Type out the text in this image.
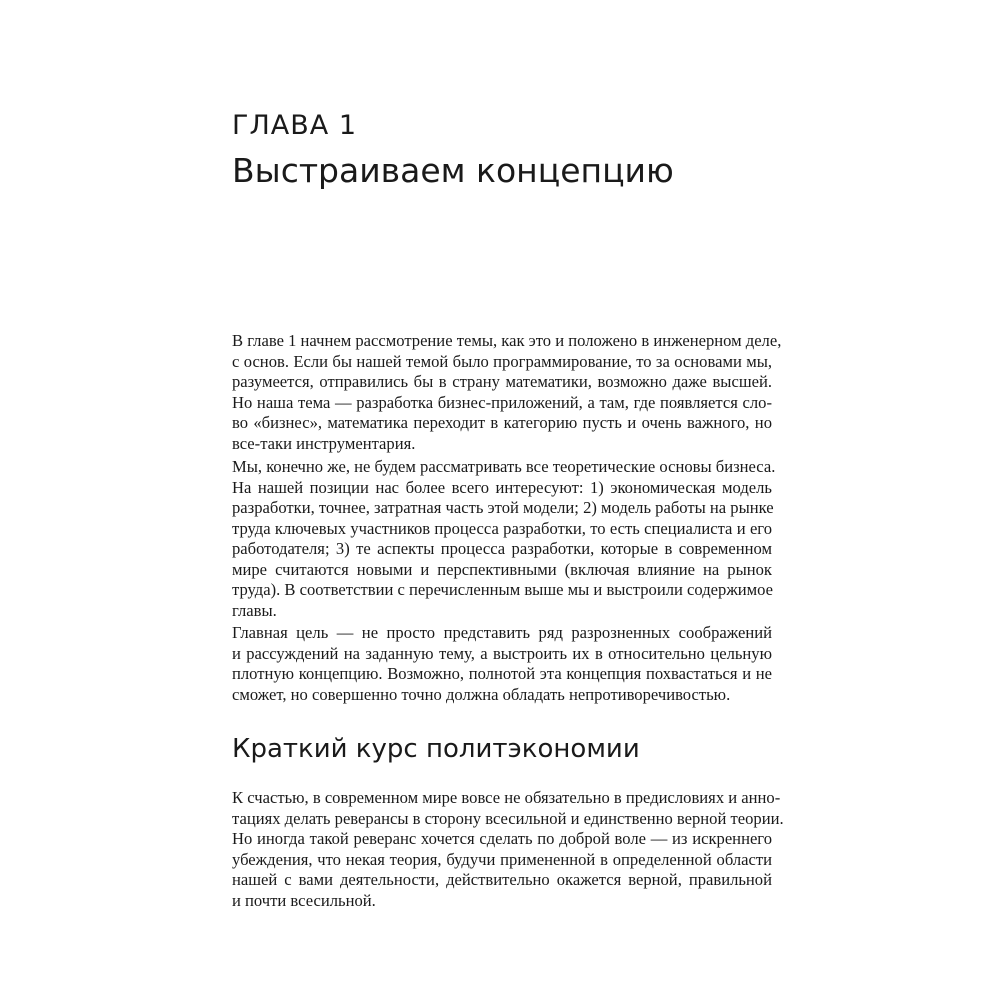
ГЛАВА 1
Выстраиваем концепцию

В главе 1 начнем рассмотрение темы, как это и положено в инженерном деле,
с основ. Если бы нашей темой было программирование, то за основами мы,
разумеется, отправились бы в страну математики, возможно даже высшей.
Но наша тема — разработка бизнес-приложений, а там, где появляется сло-
во «бизнес», математика переходит в категорию пусть и очень важного, но
все-таки инструментария.

Мы, конечно же, не будем рассматривать все теоретические основы бизнеса.
На нашей позиции нас более всего интересуют: 1) экономическая модель
разработки, точнее, затратная часть этой модели; 2) модель работы на рынке
труда ключевых участников процесса разработки, то есть специалиста и его
работодателя; 3) те аспекты процесса разработки, которые в современном
мире считаются новыми и перспективными (включая влияние на рынок
труда). В соответствии с перечисленным выше мы и выстроили содержимое
главы.

Главная цель — не просто представить ряд разрозненных соображений
и рассуждений на заданную тему, а выстроить их в относительно цельную
плотную концепцию. Возможно, полнотой эта концепция похвастаться и не
сможет, но совершенно точно должна обладать непротиворечивостью.

Краткий курс политэкономии

К счастью, в современном мире вовсе не обязательно в предисловиях и анно-
тациях делать реверансы в сторону всесильной и единственно верной теории.
Но иногда такой реверанс хочется сделать по доброй воле — из искреннего
убеждения, что некая теория, будучи примененной в определенной области
нашей с вами деятельности, действительно окажется верной, правильной
и почти всесильной.
